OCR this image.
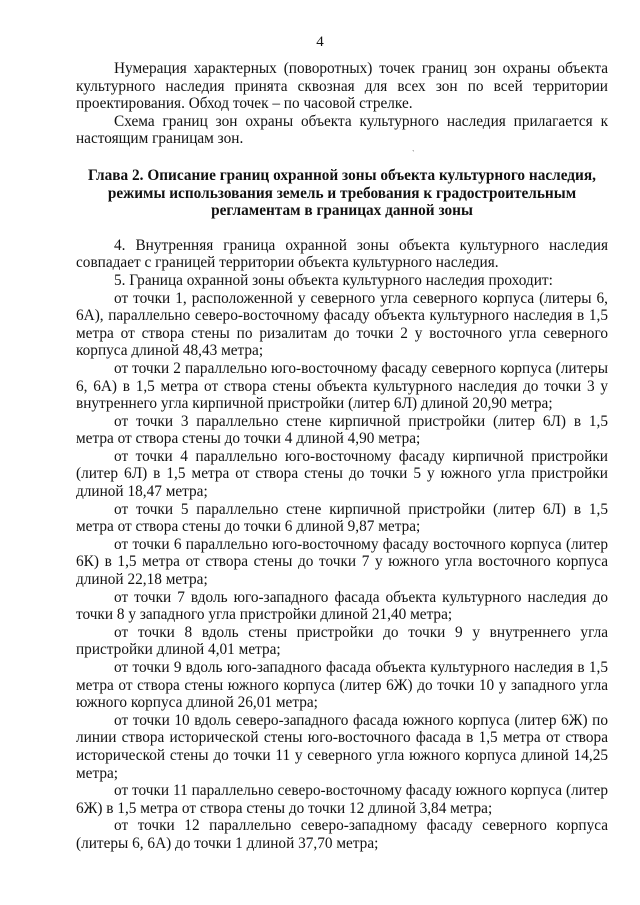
4
`

Нумерация характерных (поворотных) точек границ зон охраны объекта культурного наследия принята сквозная для всех зон по всей территории проектирования. Обход точек – по часовой стрелке.

Схема границ зон охраны объекта культурного наследия прилагается к настоящим границам зон.

Глава 2. Описание границ охранной зоны объекта культурного наследия, режимы использования земель и требования к градостроительным регламентам в границах данной зоны

4. Внутренняя граница охранной зоны объекта культурного наследия совпадает с границей территории объекта культурного наследия.

5. Граница охранной зоны объекта культурного наследия проходит:

от точки 1, расположенной у северного угла северного корпуса (литеры 6, 6А), параллельно северо-восточному фасаду объекта культурного наследия в 1,5 метра от створа стены по ризалитам до точки 2 у восточного угла северного корпуса длиной 48,43 метра;

от точки 2 параллельно юго-восточному фасаду северного корпуса (литеры 6, 6А) в 1,5 метра от створа стены объекта культурного наследия до точки 3 у внутреннего угла кирпичной пристройки (литер 6Л) длиной 20,90 метра;

от точки 3 параллельно стене кирпичной пристройки (литер 6Л) в 1,5 метра от створа стены до точки 4 длиной 4,90 метра;

от точки 4 параллельно юго-восточному фасаду кирпичной пристройки (литер 6Л) в 1,5 метра от створа стены до точки 5 у южного угла пристройки длиной 18,47 метра;

от точки 5 параллельно стене кирпичной пристройки (литер 6Л) в 1,5 метра от створа стены до точки 6 длиной 9,87 метра;

от точки 6 параллельно юго-восточному фасаду восточного корпуса (литер 6К) в 1,5 метра от створа стены до точки 7 у южного угла восточного корпуса длиной 22,18 метра;

от точки 7 вдоль юго-западного фасада объекта культурного наследия до точки 8 у западного угла пристройки длиной 21,40 метра;

от точки 8 вдоль стены пристройки до точки 9 у внутреннего угла пристройки длиной 4,01 метра;

от точки 9 вдоль юго-западного фасада объекта культурного наследия в 1,5 метра от створа стены южного корпуса (литер 6Ж) до точки 10 у западного угла южного корпуса длиной 26,01 метра;

от точки 10 вдоль северо-западного фасада южного корпуса (литер 6Ж) по линии створа исторической стены юго-восточного фасада в 1,5 метра от створа исторической стены до точки 11 у северного угла южного корпуса длиной 14,25 метра;

от точки 11 параллельно северо-восточному фасаду южного корпуса (литер 6Ж) в 1,5 метра от створа стены до точки 12 длиной 3,84 метра;

от точки 12 параллельно северо-западному фасаду северного корпуса (литеры 6, 6А) до точки 1 длиной 37,70 метра;
